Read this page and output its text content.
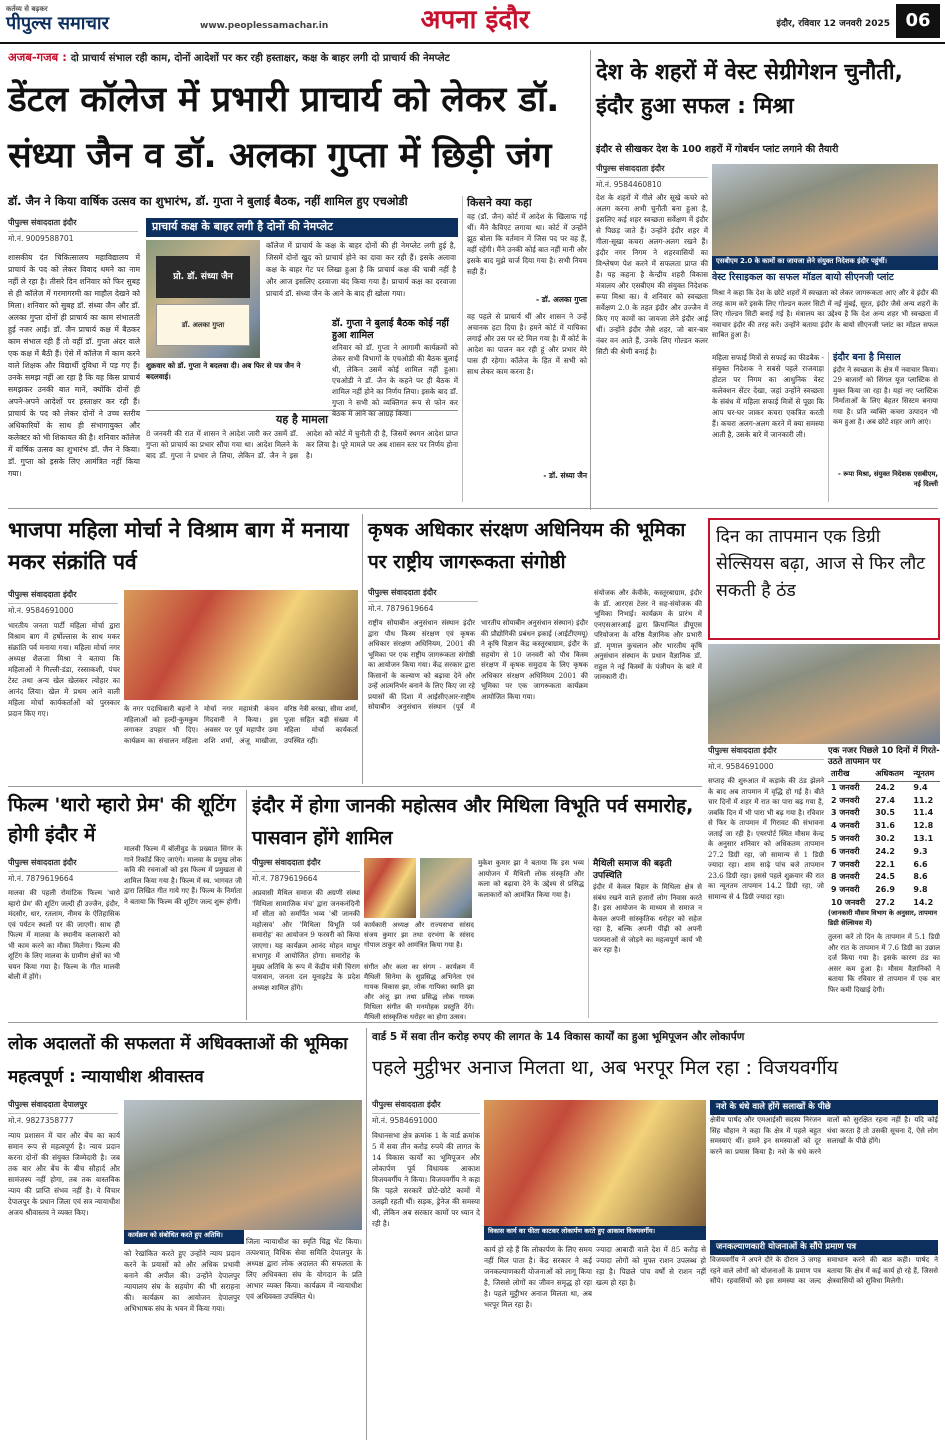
कर्तव्य से बढ़कर
पीपुल्स समाचार	www.peoplessamachar.in	अपना इंदौर	इंदौर, रविवार 12 जनवरी 2025 06
अजब-गजब : दो प्राचार्य संभाल रही काम, दोनों आदेशों पर कर रही हस्ताक्षर, कक्ष के बाहर लगी दो प्राचार्य की नेमप्लेट
डेंटल कॉलेज में प्रभारी प्राचार्य को लेकर डॉ. संध्या जैन व डॉ. अलका गुप्ता में छिड़ी जंग
डॉ. जैन ने किया वार्षिक उत्सव का शुभारंभ, डॉ. गुप्ता ने बुलाई बैठक, नहीं शामिल हुए एचओडी
पीपुल्स संवाददाता इंदौर
मो.नं. 9009588701
शासकीय दंत चिकित्सालय महाविद्यालय में प्राचार्य के पद को लेकर विवाद थमने का नाम नहीं ले रहा है। तीसरे दिन शनिवार को फिर सुबह से ही कॉलेज में गरमागरमी का माहौल देखने को मिला। शनिवार को सुबह डॉ. संध्या जैन और डॉ. अलका गुप्ता दोनों ही प्राचार्य का काम संभालती हुई नजर आईं। डॉ. जैन प्राचार्य कक्ष में बैठकर काम संभाल रही हैं तो वहीं डॉ. गुप्ता अंदर वाले एक कक्ष में बैठी हैं। ऐसे में कॉलेज में काम करने वाले शिक्षक और विद्यार्थी दुविधा में पड़ गए हैं। उनके समझ नहीं आ रहा है कि वह किस प्राचार्य समझकर उनकी बात मानें, क्योंकि दोनों ही अपने-अपने आदेशों पर हस्ताक्षर कर रही हैं। प्राचार्य के पद को लेकर दोनों ने उच्च स्तरीय अधिकारियों के साथ ही संभागायुक्त और कलेक्टर को भी शिकायत की है। शनिवार कॉलेज में वार्षिक उत्सव का शुभारंभ डॉ. जैन ने किया। डॉ. गुप्ता को इसके लिए आमंत्रित नहीं किया गया।
प्राचार्य कक्ष के बाहर लगी है दोनों की नेमप्लेट
कॉलेज में प्राचार्य के कक्ष के बाहर दोनों की ही नेमप्लेट लगी हुई है, जिसमें दोनों खुद को प्राचार्य होने का दावा कर रही हैं। इसके अलावा कक्ष के बाहर गेट पर लिखा हुआ है कि प्राचार्य कक्ष की चाबी नहीं है और आज इसलिए दरवाजा बंद किया गया है। प्राचार्य कक्ष का दरवाजा प्राचार्य डॉ. संध्या जैन के आने के बाद ही खोला गया।
प्रो. डॉ. संध्या जैन
डॉ. अलका गुप्ता
शुक्रवार को डॉ. गुप्ता ने बदलवा दी। अब फिर से पत्र जैन ने बदलवाई।
डॉ. गुप्ता ने बुलाई बैठक कोई नहीं हुआ शामिल
शनिवार को डॉ. गुप्ता ने आगामी कार्यक्रमों को लेकर सभी विभागों के एचओडी की बैठक बुलाई थी, लेकिन उसमें कोई शामिल नहीं हुआ। एचओडी ने डॉ. जैन के कहने पर ही बैठक में शामिल नहीं होने का निर्णय लिया। इसके बाद डॉ. गुप्ता ने सभी को व्यक्तिगत रूप से फोन कर बैठक में आने का आग्रह किया।
यह है मामला
8 जनवरी की रात में शासन ने आदेश जारी कर उसमें डॉ. गुप्ता को प्राचार्य का प्रभार सौंपा गया था। आदेश मिलने के बाद डॉ. गुप्ता ने प्रभार ले लिया, लेकिन डॉ. जैन ने इस आदेश को कोर्ट में चुनौती दी है, जिसमें स्थगन आदेश प्राप्त कर लिया है। पूरे मामले पर अब शासन स्तर पर निर्णय होना है।
किसने क्या कहा
वह (डॉ. जैन) कोर्ट में आदेश के खिलाफ गई थीं। मैंने कैविएट लगाया था। कोर्ट में उन्होंने झूठ बोला कि वर्तमान में जिस पद पर वह हैं, वहीं रहेंगी। मैंने उनकी कोई बात नहीं मानी और इसके बाद मुझे चार्ज दिया गया है। सभी नियम सही हैं।
- डॉ. अलका गुप्ता
वह पहले से प्राचार्य थीं और शासन ने उन्हें अचानक हटा दिया है। हमने कोर्ट में याचिका लगाई और उस पर स्टे मिल गया है। मैं कोर्ट के आदेश का पालन कर रही हूं और प्रभार मेरे पास ही रहेगा। कॉलेज के हित में सभी को साथ लेकर काम करना है।
- डॉ. संध्या जैन
देश के शहरों में वेस्ट सेग्रीगेशन चुनौती, इंदौर हुआ सफल : मिश्रा
इंदौर से सीखकर देश के 100 शहरों में गोबर्धन प्लांट लगाने की तैयारी
पीपुल्स संवाददाता इंदौर
मो.नं. 9584460810
देश के शहरों में गीले और सूखे कचरे को अलग करना अभी चुनौती बना हुआ है, इसलिए कई शहर स्वच्छता सर्वेक्षण में इंदौर से पिछड़ जाते हैं। उन्होंने इंदौर शहर में गीला-सूखा कचरा अलग-अलग रखने हैं। इंदौर नगर निगम ने शहरवासियों का विश्लेषण पेश करने में सफलता प्राप्त की है। यह कहना है केन्द्रीय शहरी विकास मंत्रालय और एसबीएम की संयुक्त निदेशक रूपा मिश्रा का। वे शनिवार को स्वच्छता सर्वेक्षण 2.0 के तहत इंदौर और उज्जैन में किए गए कामों का जायजा लेने इंदौर आई थीं। उन्होंने इंदौर जैसे शहर, जो बार-बार नंबर वन आते हैं, उनके लिए गोल्डन कलर सिटी की श्रेणी बनाई है।
एसबीएम 2.0 के कामों का जायजा लेने संयुक्त निदेशक इंदौर पहुंचीं।
वेस्ट रिसाइकल का सफल मॉडल बायो सीएनजी प्लांट
मिश्रा ने कहा कि देश के छोटे शहरों में स्वच्छता को लेकर जागरूकता आए और वे इंदौर की तरह काम करें इसके लिए गोल्डन कलर सिटी में नई मुंबई, सूरत, इंदौर जैसे अन्य शहरों के लिए गोल्डन सिटी बनाई गई है। मंत्रालय का उद्देश्य है कि देश अन्य शहर भी स्वच्छता में नवाचार इंदौर की तरह करें। उन्होंने बताया इंदौर के बायो सीएनजी प्लांट का मॉडल सफल साबित हुआ है।
महिला सफाई मित्रों से सफाई का फीडबैक - संयुक्त निदेशक ने सबसे पहले राजवाड़ा होटल पर निगम का आधुनिक वेस्ट कलेक्शन सेंटर देखा, जहां उन्होंने स्वच्छता के संबंध में महिला सफाई मित्रों से पूछा कि आप घर-घर जाकर कचरा एकत्रित करती हैं। कचरा अलग-अलग करने में क्या समस्या आती है, उसके बारे में जानकारी ली।
इंदौर बना है मिसाल
इंदौर ने स्वच्छता के क्षेत्र में नवाचार किया। 29 बाजारों को सिंगल यूज प्लास्टिक से मुक्त किया जा रहा है। यहां नए प्लास्टिक निर्माताओं के लिए बेहतर सिस्टम बनाया गया है। प्रति व्यक्ति कचरा उत्पादन भी कम हुआ है। अब छोटे शहर आगे आएं।
- रूपा मिश्रा, संयुक्त निदेशक एसबीएम, नई दिल्ली
भाजपा महिला मोर्चा ने विश्राम बाग में मनाया मकर संक्रांति पर्व
पीपुल्स संवाददाता इंदौर
मो.नं. 9584691000
भारतीय जनता पार्टी महिला मोर्चा द्वारा विश्राम बाग में हर्षोल्लास के साथ मकर संक्रांति पर्व मनाया गया। महिला मोर्चा नगर अध्यक्ष शैलजा मिश्रा ने बताया कि महिलाओं ने गिल्ली-डंडा, रस्साकशी, पंचर टेस्ट तथा अन्य खेल खेलकर त्योहार का आनंद लिया। खेल में प्रथम आने वाली महिला मोर्चा कार्यकर्ताओं को पुरस्कार प्रदान किए गए।	के नगर पदाधिकारी बहनों ने महिलाओं को हल्दी-कुमकुम लगाकर उपहार भी दिए। कार्यक्रम का संचालन महिला मोर्चा नगर महामंत्री कंचन गिदवानी ने किया। इस अवसर पर पूर्व महापौर उमा शशि शर्मा, अंजू माखीजा, वरिष्ठ नेत्री बरखा, सीमा शर्मा, पूजा सहित बड़ी संख्या में महिला मोर्चा कार्यकर्ता उपस्थित रहीं।
कृषक अधिकार संरक्षण अधिनियम की भूमिका पर राष्ट्रीय जागरूकता संगोष्ठी
पीपुल्स संवाददाता इंदौर
मो.नं. 7879619664
राष्ट्रीय सोयाबीन अनुसंधान संस्थान इंदौर द्वारा पौध किस्म संरक्षण एवं कृषक अधिकार संरक्षण अधिनियम, 2001 की भूमिका पर एक राष्ट्रीय जागरूकता संगोष्ठी का आयोजन किया गया। केंद्र सरकार द्वारा किसानों के कल्याण को बढ़ावा देने और उन्हें आत्मनिर्भर बनाने के लिए किए जा रहे प्रयासों की दिशा में आईसीएआर-राष्ट्रीय सोयाबीन अनुसंधान संस्थान (पूर्व में भारतीय सोयाबीन अनुसंधान संस्थान) इंदौर की प्रौद्योगिकी प्रबंधन इकाई (आईटीएमयू) ने कृषि विज्ञान केंद्र कस्तूरबाग्राम, इंदौर के सहयोग से 10 जनवरी को पौध किस्म संरक्षण में कृषक समुदाय के लिए कृषक अधिकार संरक्षण अधिनियम 2001 की भूमिका पर एक जागरूकता कार्यक्रम आयोजित किया गया।
संयोजक और केवीके, कस्तूरबाग्राम, इंदौर के डॉ. आरएस टेलर ने सह-संयोजक की भूमिका निभाई। कार्यक्रम के प्रारंभ में एनएसआरआई द्वारा क्रियान्वित डीयूएस परियोजना के वरिष्ठ वैज्ञानिक और प्रभारी डॉ. मृणाल कुचलान और भारतीय कृषि अनुसंधान संस्थान के प्रधान वैज्ञानिक डॉ. राहुल ने नई किस्मों के पंजीयन के बारे में जानकारी दी।
दिन का तापमान एक डिग्री सेल्सियस बढ़ा, आज से फिर लौट सकती है ठंड
पीपुल्स संवाददाता इंदौर
मो.नं. 9584691000
सप्ताह की शुरुआत में कड़ाके की ठंड झेलने के बाद अब तापमान में वृद्धि हो गई है। बीते चार दिनों में शहर में रात का पारा बढ़ गया है, जबकि दिन में भी पारा भी बढ़ गया है। रविवार से फिर के तापमान में गिरावट की संभावना जताई जा रही है। एयरपोर्ट स्थित मौसम केन्द्र के अनुसार शनिवार को अधिकतम तापमान 27.2 डिग्री रहा, जो सामान्य से 1 डिग्री ज्यादा रहा। शाम साढ़े पांच बजे तापमान 23.6 डिग्री रहा। इससे पहले शुक्रवार की रात का न्यूनतम तापमान 14.2 डिग्री रहा, जो सामान्य से 4 डिग्री ज्यादा रहा।
एक नजर पिछले 10 दिनों में गिरते-उठते तापमान पर
तारीख	अधिकतम	न्यूनतम
1 जनवरी	24.2	9.4
2 जनवरी	27.4	11.2
3 जनवरी	30.5	11.4
4 जनवरी	31.6	12.8
5 जनवरी	30.2	13.1
6 जनवरी	24.2	9.3
7 जनवरी	22.1	6.6
8 जनवरी	24.5	8.6
9 जनवरी	26.9	9.8
10 जनवरी	27.2	14.2
(जानकारी मौसम विभाग के अनुसार, तापमान डिग्री सेल्सियस में)
तुलना करें तो दिन के तापमान में 5.1 डिग्री और रात के तापमान में 7.6 डिग्री का उछाल दर्ज किया गया है। इसके कारण ठंड का असर कम हुआ है। मौसम वैज्ञानिकों ने बताया कि रविवार से तापमान में एक बार फिर कमी दिखाई देगी।
फिल्म 'थारो म्हारो प्रेम' की शूटिंग होगी इंदौर में
पीपुल्स संवाददाता इंदौर
मो.नं. 7879619664
मालवा की पहली रोमांटिक फिल्म 'थारो म्हारो प्रेम' की शूटिंग जल्दी ही उज्जैन, इंदौर, मंदसौर, धार, रतलाम, नीमच के ऐतिहासिक एवं पर्यटन स्थलों पर की जाएगी। साथ ही फिल्म में मालवा के स्थानीय कलाकारों को भी काम करने का मौका मिलेगा। फिल्म की शूटिंग के लिए मालवा के ग्रामीण क्षेत्रों का भी चयन किया गया है। फिल्म के गीत मालवी बोली में होंगे।
मालवी फिल्म में बॉलीवुड के प्रख्यात सिंगर के गाने रिकॉर्ड किए जाएंगे। मालवा के प्रमुख लोक कवि की रचनाओं को इस फिल्म में प्रमुखता से शामिल किया गया है। फिल्म में स्व. भागवत जी द्वारा लिखित गीत गाये गए हैं। फिल्म के निर्माता ने बताया कि फिल्म की शूटिंग जल्द शुरू होगी।
इंदौर में होगा जानकी महोत्सव और मिथिला विभूति पर्व समारोह, पासवान होंगे शामिल
पीपुल्स संवाददाता इंदौर
मो.नं. 7879619664
अप्रवासी मैथिल समाज की अग्रणी संस्था 'मिथिला सामाजिक मंच' द्वारा जनकनंदिनी माँ सीता को समर्पित भव्य 'श्री जानकी महोत्सव' और 'मिथिला विभूति पर्व समारोह' का आयोजन 9 फरवरी को किया जाएगा। यह कार्यक्रम आनंद मोहन माथुर सभागृह में आयोजित होगा। समारोह के मुख्य अतिथि के रूप में केंद्रीय मंत्री चिराग पासवान, जनता दल यूनाइटेड के प्रदेश अध्यक्ष शामिल होंगे।
कार्यकारी अध्यक्ष और राज्यसभा सांसद संजय कुमार झा तथा दरभंगा के सांसद गोपाल ठाकुर को आमंत्रित किया गया है।
संगीत और कला का संगम - कार्यक्रम में मैथिली सिनेमा के सुप्रसिद्ध अभिनेता एवं गायक विकास झा, लोक गायिका स्वाति झा और अंजू झा तथा प्रसिद्ध लोक गायक मिथिला संगीत की मनमोहक प्रस्तुति देंगे। मैथिली सांस्कृतिक धरोहर का होगा उत्सव।
मुकेश कुमार झा ने बताया कि इस भव्य आयोजन में मैथिली लोक संस्कृति और कला को बढ़ावा देने के उद्देश्य से प्रसिद्ध कलाकारों को आमंत्रित किया गया है।
मैथिली समाज की बढ़ती उपस्थिति
इंदौर में केवल बिहार के मिथिला क्षेत्र से संबंध रखने वाले हजारों लोग निवास करते हैं। इस आयोजन के माध्यम से समाज न केवल अपनी सांस्कृतिक धरोहर को सहेज रहा है, बल्कि अपनी पीढ़ी को अपनी परम्पराओं से जोड़ने का महत्वपूर्ण कार्य भी कर रहा है।
लोक अदालतों की सफलता में अधिवक्ताओं की भूमिका महत्वपूर्ण : न्यायाधीश श्रीवास्तव
पीपुल्स संवाददाता देपालपुर
मो.नं. 9827358777
न्याय प्रशासन में चार और बेंच का कार्य समान रूप से महत्वपूर्ण है। न्याय प्रदान करना दोनों की संयुक्त जिम्मेदारी है। जब तक बार और बेंच के बीच सौहार्द और सामंजस्य नहीं होगा, तब तक वास्तविक न्याय की प्राप्ति संभव नहीं है। ये विचार देपालपुर के प्रधान जिला एवं सत्र न्यायाधीश अजय श्रीवास्तव ने व्यक्त किए।
कार्यक्रम को संबोधित करते हुए अतिथि।
को रेखांकित करते हुए उन्होंने न्याय प्रदान करने के प्रयासों को और अधिक प्रभावी बनाने की अपील की। उन्होंने देपालपुर न्यायालय संघ के सहयोग की भी सराहना की। कार्यक्रम का आयोजन देपालपुर अभिभाषक संघ के भवन में किया गया।
जिला न्यायाधीश का स्मृति चिह्न भेंट किया। तत्पश्चात् विधिक सेवा समिति देपालपुर के अध्यक्ष द्वारा लोक अदालत की सफलता के लिए अधिवक्ता संघ के योगदान के प्रति आभार व्यक्त किया। कार्यक्रम में न्यायाधीश एवं अधिवक्ता उपस्थित थे।
वार्ड 5 में सवा तीन करोड़ रुपए की लागत के 14 विकास कार्यों का हुआ भूमिपूजन और लोकार्पण
पहले मुट्ठीभर अनाज मिलता था, अब भरपूर मिल रहा : विजयवर्गीय
पीपुल्स संवाददाता इंदौर
मो.नं. 9584691000
विधानसभा क्षेत्र क्रमांक 1 के वार्ड क्रमांक 5 में सवा तीन करोड़ रुपये की लागत के 14 विकास कार्यों का भूमिपूजन और लोकार्पण पूर्व विधायक आकाश विजयवर्गीय ने किया। विजयवर्गीय ने कहा कि पहले सरकारें छोटे-छोटे कामों में उलझी रहती थीं। सड़क, ड्रेनेज की समस्या थी, लेकिन अब सरकार कामों पर ध्यान दे रही है।
विकास कार्य का फीता काटकर लोकार्पण करते हुए आकाश विजयवर्गीय।
कार्य हो रहे हैं कि लोकार्पण के लिए समय नहीं मिल पाता है। केंद्र सरकार ने कई जनकल्याणकारी योजनाओं को लागू किया है, जिससे लोगों का जीवन समृद्ध हो रहा है। पहले मुट्ठीभर अनाज मिलता था, अब भरपूर मिल रहा है।
ज्यादा आबादी वाले देश में 85 करोड़ से ज्यादा लोगों को मुफ्त राशन उपलब्ध हो रहा है। पिछले पांच वर्षों से राशन नहीं खत्म हो रहा है।
नशे के धंधे वाले होंगे सलाखों के पीछे
क्षेत्रीय पार्षद और एमआईसी सदस्य निरंजन सिंह चौहान ने कहा कि क्षेत्र में पहले बहुत समस्याएं थीं। हमने इन समस्याओं को दूर करने का प्रयास किया है। नशे के धंधे करने वालों को सुरक्षित रहना नहीं है। यदि कोई धंधा करता है तो उसकी सूचना दें, ऐसे लोग सलाखों के पीछे होंगे।
जनकल्याणकारी योजनाओं के सौंपे प्रमाण पत्र
विजयवर्गीय ने अपने दौरे के दौरान 3 जगह रहने वाले लोगों को योजनाओं के प्रमाण पत्र सौंपे। रहवासियों को इस समस्या का जल्द समाधान करने की बात कही। पार्षद ने बताया कि क्षेत्र में कई कार्य हो रहे हैं, जिससे क्षेत्रवासियों को सुविधा मिलेगी।
